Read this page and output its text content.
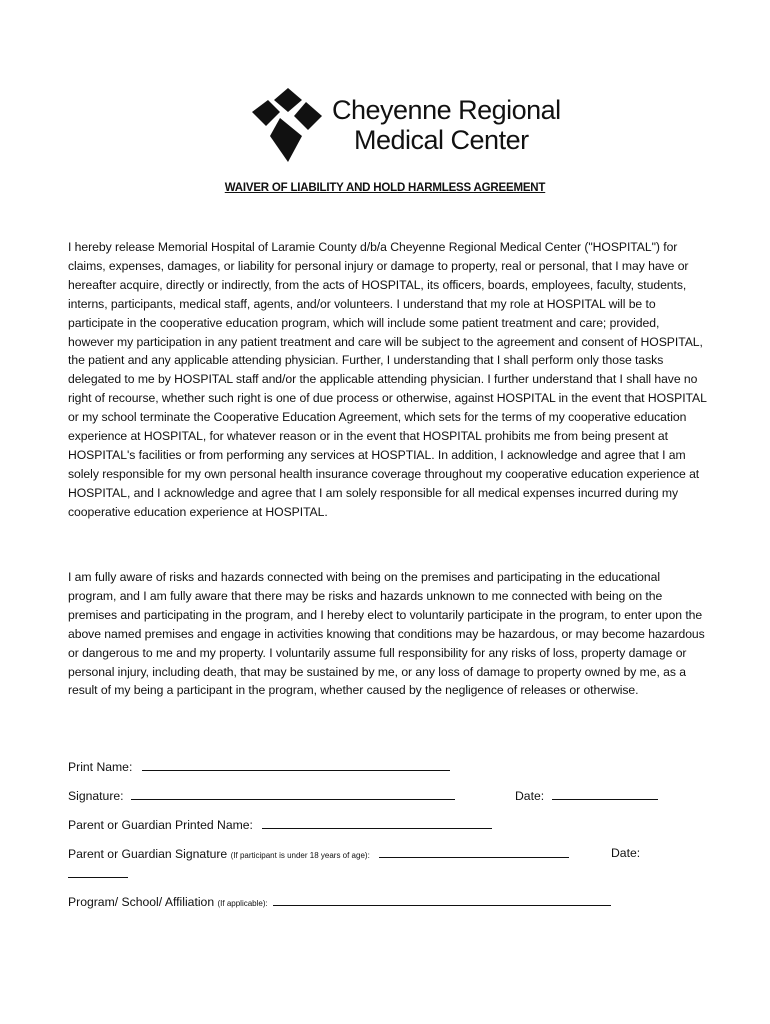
Cheyenne Regional
Medical Center
WAIVER OF LIABILITY AND HOLD HARMLESS AGREEMENT

I hereby release Memorial Hospital of Laramie County d/b/a Cheyenne Regional Medical Center ("HOSPITAL") for claims, expenses, damages, or liability for personal injury or damage to property, real or personal, that I may have or hereafter acquire, directly or indirectly, from the acts of HOSPITAL, its officers, boards, employees, faculty, students, interns, participants, medical staff, agents, and/or volunteers. I understand that my role at HOSPITAL will be to participate in the cooperative education program, which will include some patient treatment and care; provided, however my participation in any patient treatment and care will be subject to the agreement and consent of HOSPITAL, the patient and any applicable attending physician. Further, I understanding that I shall perform only those tasks delegated to me by HOSPITAL staff and/or the applicable attending physician. I further understand that I shall have no right of recourse, whether such right is one of due process or otherwise, against HOSPITAL in the event that HOSPITAL or my school terminate the Cooperative Education Agreement, which sets for the terms of my cooperative education experience at HOSPITAL, for whatever reason or in the event that HOSPITAL prohibits me from being present at HOSPITAL's facilities or from performing any services at HOSPTIAL. In addition, I acknowledge and agree that I am solely responsible for my own personal health insurance coverage throughout my cooperative education experience at HOSPITAL, and I acknowledge and agree that I am solely responsible for all medical expenses incurred during my cooperative education experience at HOSPITAL.

I am fully aware of risks and hazards connected with being on the premises and participating in the educational program, and I am fully aware that there may be risks and hazards unknown to me connected with being on the premises and participating in the program, and I hereby elect to voluntarily participate in the program, to enter upon the above named premises and engage in activities knowing that conditions may be hazardous, or may become hazardous or dangerous to me and my property. I voluntarily assume full responsibility for any risks of loss, property damage or personal injury, including death, that may be sustained by me, or any loss of damage to property owned by me, as a result of my being a participant in the program, whether caused by the negligence of releases or otherwise.

Print Name:
Signature:	Date:
Parent or Guardian Printed Name:
Parent or Guardian Signature (If participant is under 18 years of age):	Date:
Program/ School/ Affiliation (If applicable):
